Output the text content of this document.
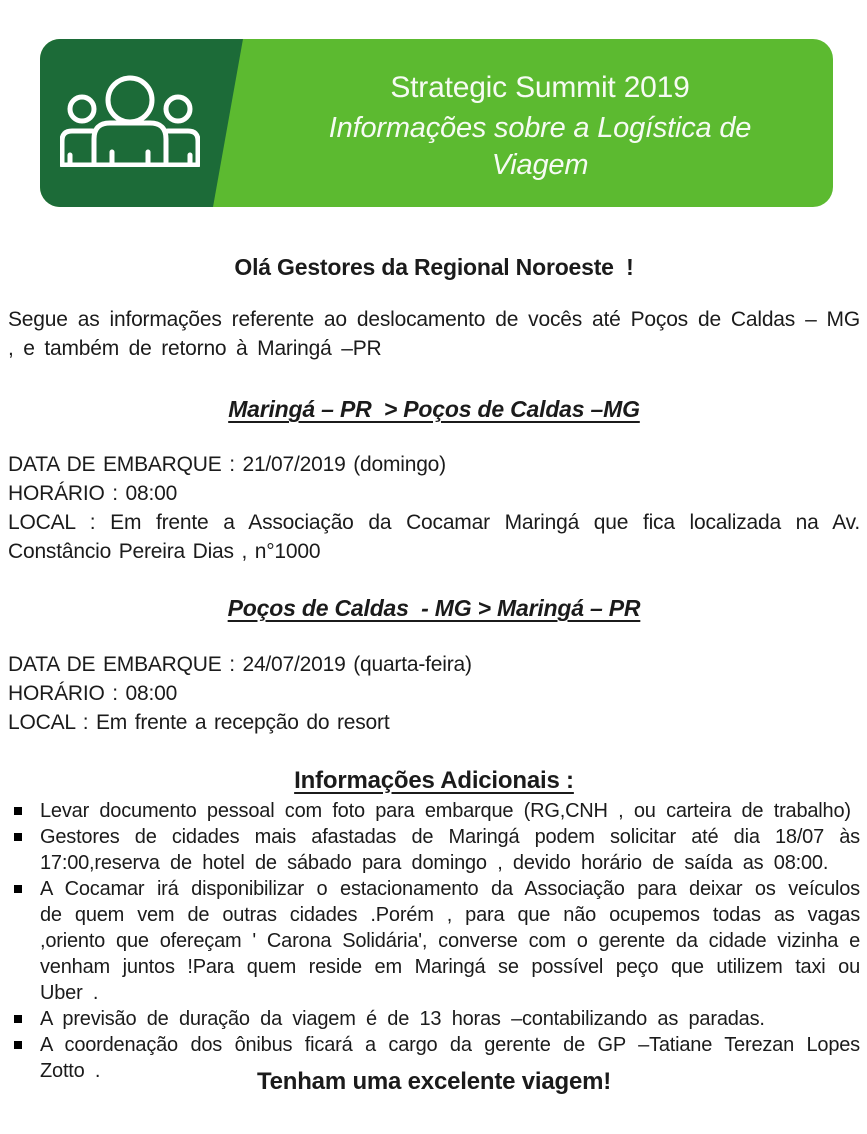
Strategic Summit 2019
Informações sobre a Logística de Viagem
Olá Gestores da Regional Noroeste  !

Segue as informações referente ao deslocamento de vocês até Poços de Caldas – MG , e também de retorno à Maringá –PR

Maringá – PR  > Poços de Caldas –MG
DATA DE EMBARQUE : 21/07/2019 (domingo)
HORÁRIO : 08:00
LOCAL : Em frente a Associação da Cocamar Maringá que fica localizada na Av. Constâncio Pereira Dias , n°1000
Poços de Caldas  - MG > Maringá – PR
DATA DE EMBARQUE : 24/07/2019 (quarta-feira)
HORÁRIO : 08:00
LOCAL : Em frente a recepção do resort
Informações Adicionais :
Levar documento pessoal com foto para embarque (RG,CNH , ou carteira de trabalho)
Gestores de cidades mais afastadas de Maringá podem solicitar até dia 18/07 às 17:00,reserva de hotel de sábado para domingo , devido horário de saída as 08:00.
A Cocamar irá disponibilizar o estacionamento da Associação para deixar os veículos de quem vem de outras cidades .Porém , para que não ocupemos todas as vagas ,oriento que ofereçam ' Carona Solidária', converse com o gerente da cidade vizinha e venham juntos !Para quem reside em Maringá se possível peço que utilizem taxi ou Uber .
A previsão de duração da viagem é de 13 horas –contabilizando as paradas.
A coordenação dos ônibus ficará a cargo da gerente de GP –Tatiane Terezan Lopes Zotto .	Tenham uma excelente viagem!
